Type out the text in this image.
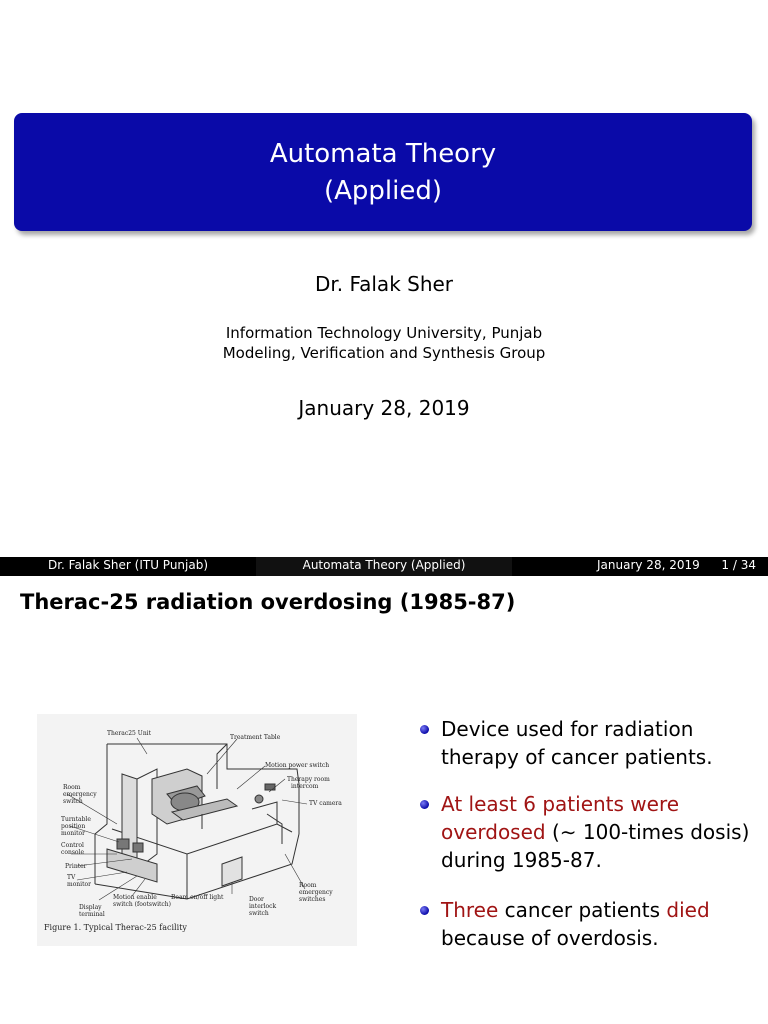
Automata Theory
(Applied)
Dr. Falak Sher
Information Technology University, Punjab
Modeling, Verification and Synthesis Group
January 28, 2019
Dr. Falak Sher (ITU Punjab)	Automata Theory (Applied)	January 28, 2019 1 / 34
Therac-25 radiation overdosing (1985-87)
Therac25 Unit
Treatment Table
Motion power switch
Therapy room
intercom
TV camera
Room
emergency
switch
Turntable
position
monitor
Control
console
Printer
TV
monitor
Display
terminal
Motion enable
switch (footswitch)
Beam on/off light	Door
interlock
switch
Room
emergency
switches
Figure 1. Typical Therac-25 facility
Device used for radiation
therapy of cancer patients.
At least 6 patients were
overdosed (∼ 100-times dosis)
during 1985-87.
Three cancer patients died
because of overdosis.
